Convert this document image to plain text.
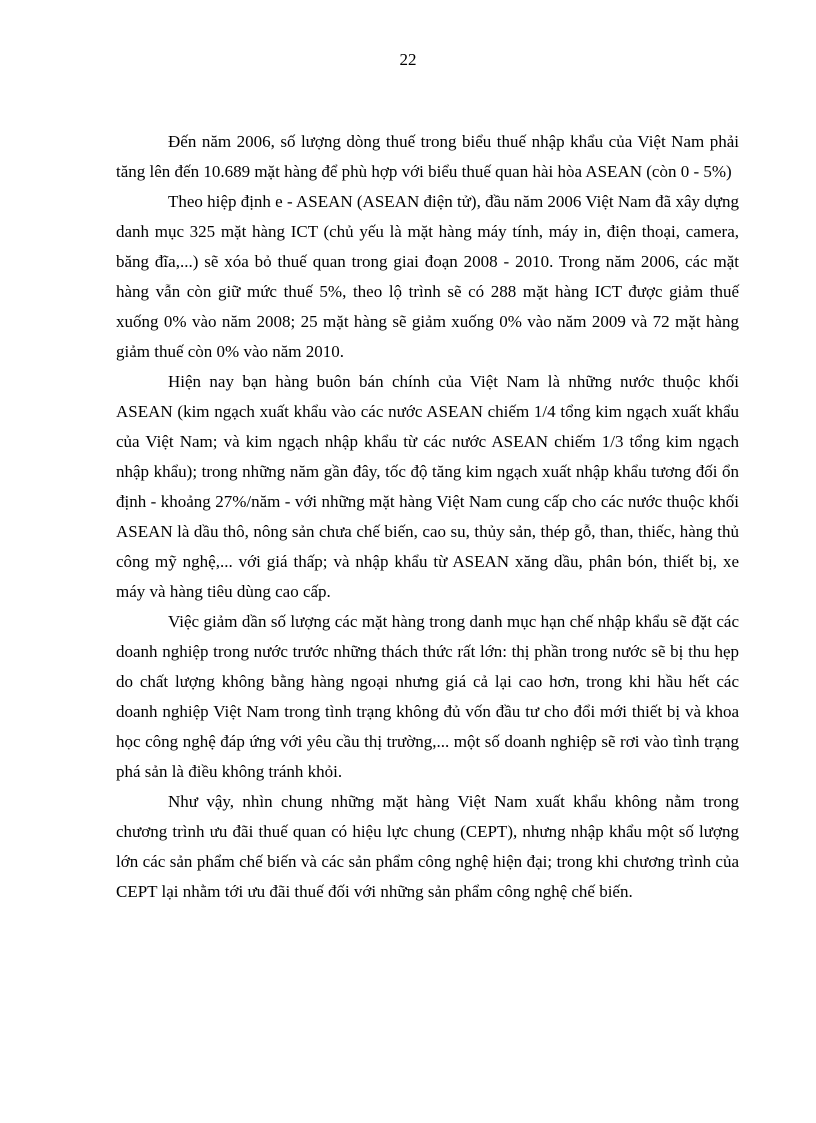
22

Đến năm 2006, số lượng dòng thuế trong biểu thuế nhập khẩu của Việt Nam phải tăng lên đến 10.689 mặt hàng để phù hợp với biểu thuế quan hài hòa ASEAN (còn 0 - 5%)

Theo hiệp định e - ASEAN (ASEAN điện tử), đầu năm 2006 Việt Nam đã xây dựng danh mục 325 mặt hàng ICT (chủ yếu là mặt hàng máy tính, máy in, điện thoại, camera, băng đĩa,...) sẽ xóa bỏ thuế quan trong giai đoạn 2008 - 2010. Trong năm 2006, các mặt hàng vẫn còn giữ mức thuế 5%, theo lộ trình sẽ có 288 mặt hàng ICT được giảm thuế xuống 0% vào năm 2008; 25 mặt hàng sẽ giảm xuống 0% vào năm 2009 và 72 mặt hàng giảm thuế còn 0% vào năm 2010.

Hiện nay bạn hàng buôn bán chính của Việt Nam là những nước thuộc khối ASEAN (kim ngạch xuất khẩu vào các nước ASEAN chiếm 1/4 tổng kim ngạch xuất khẩu của Việt Nam; và kim ngạch nhập khẩu từ các nước ASEAN chiếm 1/3 tổng kim ngạch nhập khẩu); trong những năm gần đây, tốc độ tăng kim ngạch xuất nhập khẩu tương đối ổn định - khoảng 27%/năm - với những mặt hàng Việt Nam cung cấp cho các nước thuộc khối ASEAN là dầu thô, nông sản chưa chế biến, cao su, thủy sản, thép gỗ, than, thiếc, hàng thủ công mỹ nghệ,... với giá thấp; và nhập khẩu từ ASEAN xăng dầu, phân bón, thiết bị, xe máy và hàng tiêu dùng cao cấp.

Việc giảm dần số lượng các mặt hàng trong danh mục hạn chế nhập khẩu sẽ đặt các doanh nghiệp trong nước trước những thách thức rất lớn: thị phần trong nước sẽ bị thu hẹp do chất lượng không bằng hàng ngoại nhưng giá cả lại cao hơn, trong khi hầu hết các doanh nghiệp Việt Nam trong tình trạng không đủ vốn đầu tư cho đổi mới thiết bị và khoa học công nghệ đáp ứng với yêu cầu thị trường,... một số doanh nghiệp sẽ rơi vào tình trạng phá sản là điều không tránh khỏi.

Như vậy, nhìn chung những mặt hàng Việt Nam xuất khẩu không nằm trong chương trình ưu đãi thuế quan có hiệu lực chung (CEPT), nhưng nhập khẩu một số lượng lớn các sản phẩm chế biến và các sản phẩm công nghệ hiện đại; trong khi chương trình của CEPT lại nhằm tới ưu đãi thuế đối với những sản phẩm công nghệ chế biến.
